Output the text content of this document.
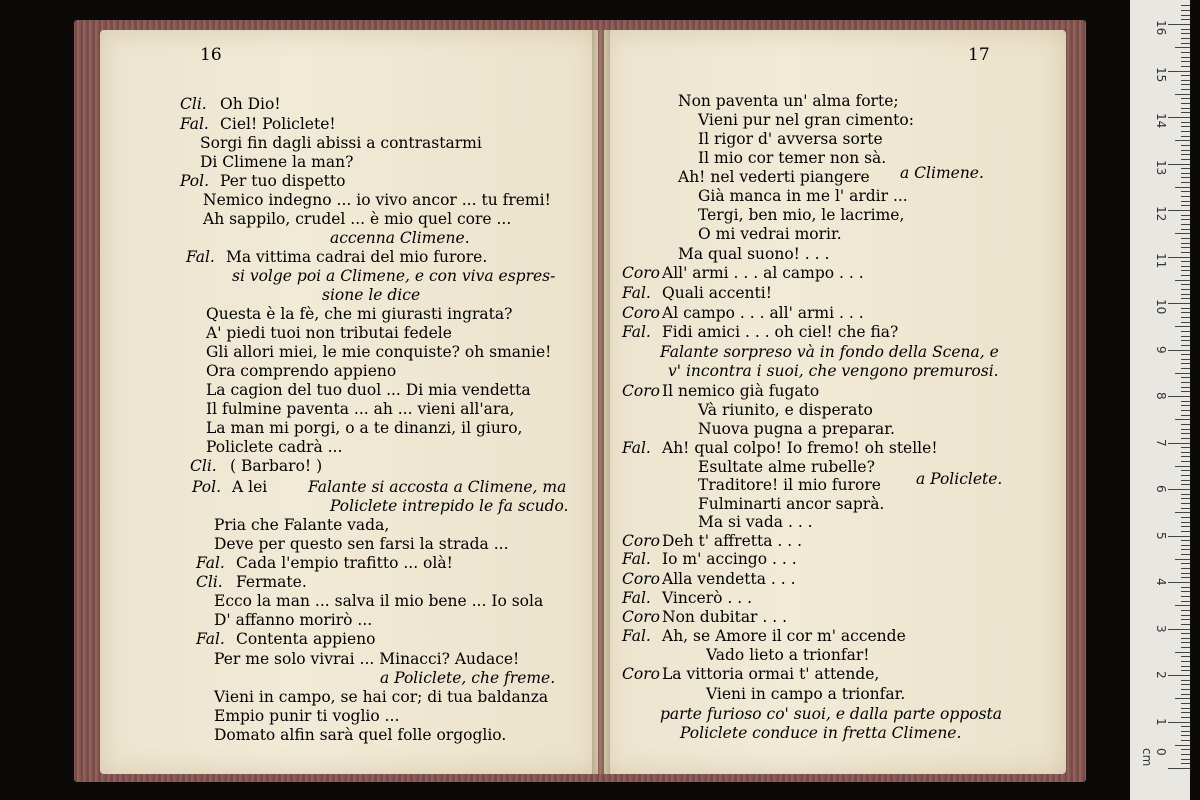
16
Cli. Oh Dio!
Fal. Ciel! Policlete!
Sorgi fin dagli abissi a contrastarmi
Di Climene la man?
Pol. Per tuo dispetto
Nemico indegno ... io vivo ancor ... tu fremi!
Ah sappilo, crudel ... è mio quel core ...
accenna Climene.
Fal. Ma vittima cadrai del mio furore.
si volge poi a Climene, e con viva espres-
sione le dice
Questa è la fè, che mi giurasti ingrata?
A' piedi tuoi non tributai fedele
Gli allori miei, le mie conquiste? oh smanie!
Ora comprendo appieno
La cagion del tuo duol ... Di mia vendetta
Il fulmine paventa ... ah ... vieni all'ara,
La man mi porgi, o a te dinanzi, il giuro,
Policlete cadrà ...
Cli. ( Barbaro! )
Pol. A lei
Policlete intrepido le fa scudo.
Pria che Falante vada,
Deve per questo sen farsi la strada ...
Fal. Cada l'empio trafitto ... olà!
Cli. Fermate.
Ecco la man ... salva il mio bene ... Io sola
D' affanno morirò ...
Fal. Contenta appieno
Per me solo vivrai ... Minacci? Audace!
a Policlete, che freme.
Vieni in campo, se hai cor; di tua baldanza
Empio punir ti voglio ...
Domato alfin sarà quel folle orgoglio.
Falante si accosta a Climene, ma
17
Non paventa un' alma forte;
Vieni pur nel gran cimento:
Il rigor d' avversa sorte
Il mio cor temer non sà.
Ah! nel vederti piangere
Già manca in me l' ardir ...
Tergi, ben mio, le lacrime,
O mi vedrai morir.
Ma qual suono! . . .
Coro All' armi . . . al campo . . .
Fal. Quali accenti!
Coro Al campo . . . all' armi . . .
Fal. Fidi amici . . . oh ciel! che fia?
Falante sorpreso và in fondo della Scena, e
v' incontra i suoi, che vengono premurosi.
Coro Il nemico già fugato
Và riunito, e disperato
Nuova pugna a preparar.
Fal. Ah! qual colpo! Io fremo! oh stelle!
Esultate alme rubelle?
Traditore! il mio furore
Fulminarti ancor saprà.
Ma si vada . . .
Coro Deh t' affretta . . .
Fal. Io m' accingo . . .
Coro Alla vendetta . . .
Fal. Vincerò . . .
Coro Non dubitar . . .
Fal. Ah, se Amore il cor m' accende
Vado lieto a trionfar!
Coro La vittoria ormai t' attende,
Vieni in campo a trionfar.
parte furioso co' suoi, e dalla parte opposta
Policlete conduce in fretta Climene.
a Climene.
a Policlete.
0 cm
1
2
3
4
5
6
7
8
9
10
11
12
13
14
15
16
